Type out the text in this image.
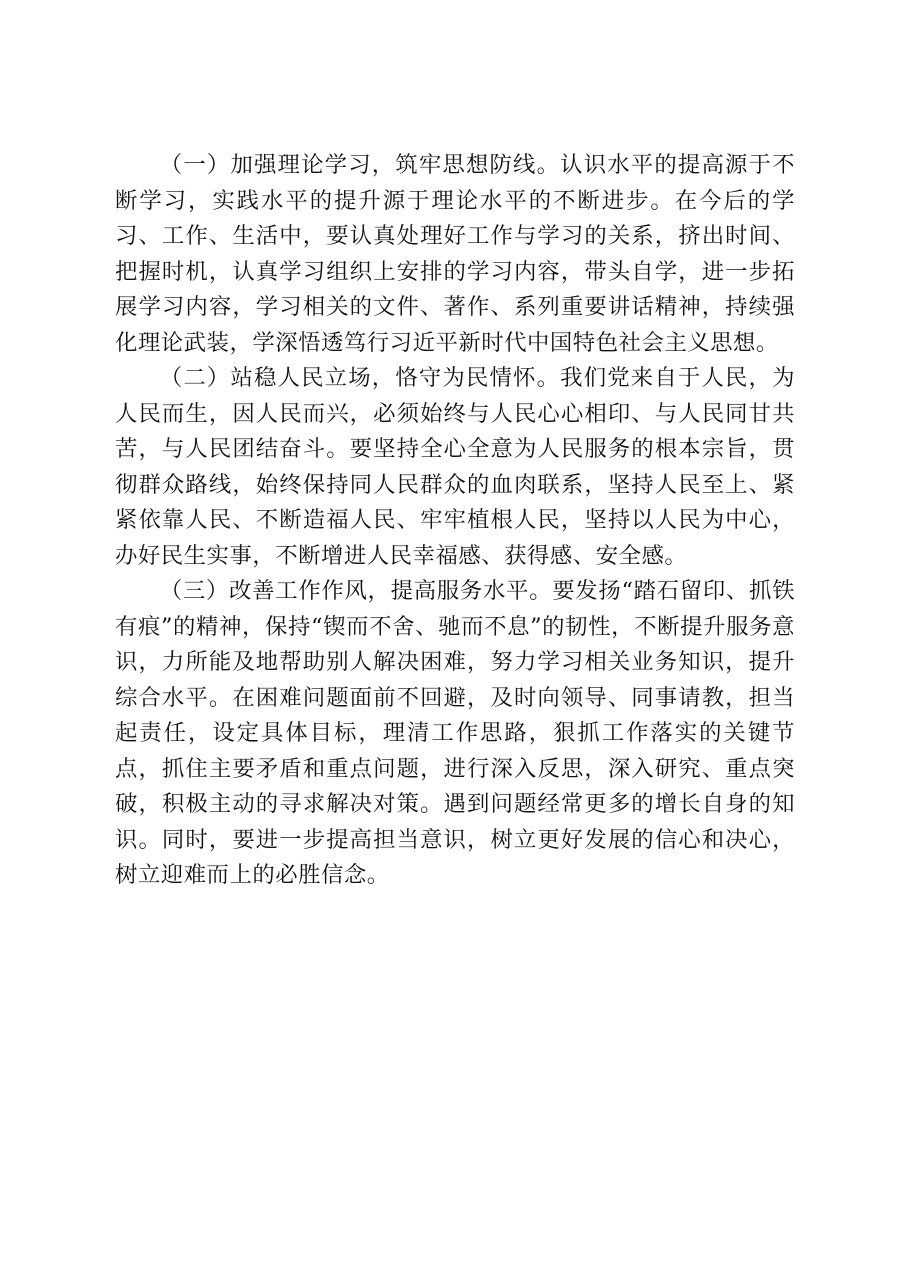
（一）加强理论学习，筑牢思想防线。认识水平的提高源于不断学习，实践水平的提升源于理论水平的不断进步。在今后的学习、工作、生活中，要认真处理好工作与学习的关系，挤出时间、把握时机，认真学习组织上安排的学习内容，带头自学，进一步拓展学习内容，学习相关的文件、著作、系列重要讲话精神，持续强化理论武装，学深悟透笃行习近平新时代中国特色社会主义思想。

（二）站稳人民立场，恪守为民情怀。我们党来自于人民，为人民而生，因人民而兴，必须始终与人民心心相印、与人民同甘共苦，与人民团结奋斗。要坚持全心全意为人民服务的根本宗旨，贯彻群众路线，始终保持同人民群众的血肉联系，坚持人民至上、紧紧依靠人民、不断造福人民、牢牢植根人民，坚持以人民为中心，办好民生实事，不断增进人民幸福感、获得感、安全感。

（三）改善工作作风，提高服务水平。要发扬“踏石留印、抓铁有痕”的精神，保持“锲而不舍、驰而不息”的韧性，不断提升服务意识，力所能及地帮助别人解决困难，努力学习相关业务知识，提升综合水平。在困难问题面前不回避，及时向领导、同事请教，担当起责任，设定具体目标，理清工作思路，狠抓工作落实的关键节点，抓住主要矛盾和重点问题，进行深入反思，深入研究、重点突破，积极主动的寻求解决对策。遇到问题经常更多的增长自身的知识。同时，要进一步提高担当意识，树立更好发展的信心和决心，树立迎难而上的必胜信念。
